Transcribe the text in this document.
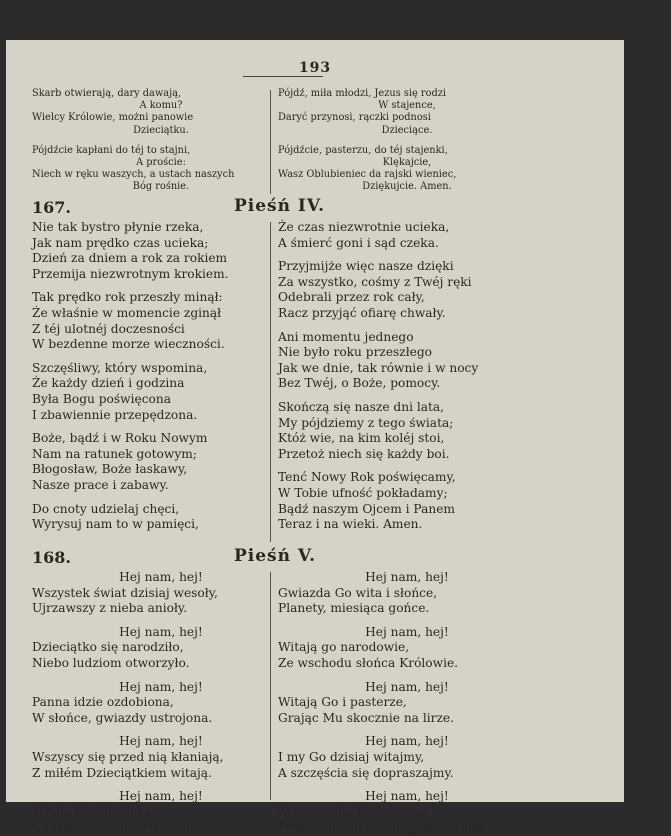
193
Skarb otwierają, dary dawają,
A komu?
Wielcy Królowie, możni panowie
Dzieciątku.
Pójdźcie kapłani do téj to stajni,
A proście:
Niech w ręku waszych, a ustach naszych
Bóg rośnie.
Pójdź, miła młodzi, Jezus się rodzi
W stajence,
Daryć przynosi, rączki podnosi
Dzieciące.
Pójdźcie, pasterzu, do téj stajenki,
Klękajcie,
Wasz Oblubieniec da rajski wieniec,
Dziękujcie. Amen.
167.	Pieśń IV.
Nie tak bystro płynie rzeka,
Jak nam prędko czas ucieka;
Dzień za dniem a rok za rokiem
Przemija niezwrotnym krokiem.
Tak prędko rok przeszły minął:
Że właśnie w momencie zginął
Z téj ulotnéj doczesności
W bezdenne morze wieczności.
Szczęśliwy, który wspomina,
Że każdy dzień i godzina
Była Bogu poświęcona
I zbawiennie przepędzona.
Boże, bądź i w Roku Nowym
Nam na ratunek gotowym;
Błogosław, Boże łaskawy,
Nasze prace i zabawy.
Do cnoty udzielaj chęci,
Wyrysuj nam to w pamięci,
Że czas niezwrotnie ucieka,
A śmierć goni i sąd czeka.
Przyjmijże więc nasze dzięki
Za wszystko, cośmy z Twéj ręki
Odebrali przez rok cały,
Racz przyjąć ofiarę chwały.
Ani momentu jednego
Nie było roku przeszłego
Jak we dnie, tak równie i w nocy
Bez Twéj, o Boże, pomocy.
Skończą się nasze dni lata,
My pójdziemy z tego świata;
Któż wie, na kim koléj stoi,
Przetoż niech się każdy boi.
Tenć Nowy Rok poświęcamy,
W Tobie ufność pokładamy;
Bądź naszym Ojcem i Panem
Teraz i na wieki. Amen.
168.	Pieśń V.
Hej nam, hej!
Wszystek świat dzisiaj wesoły,
Ujrzawszy z nieba anioły.
Hej nam, hej!
Dzieciątko się narodziło,
Niebo ludziom otworzyło.
Hej nam, hej!
Panna idzie ozdobiona,
W słońce, gwiazdy ustrojona.
Hej nam, hej!
Wszyscy się przed nią kłaniają,
Z miłém Dzieciątkiem witają.
Hej nam, hej!
Witają Go i bydlęta,
Chociaż to nieme zwierzęta.
Hej nam, hej!
Gwiazda Go wita i słońce,
Planety, miesiąca gońce.
Hej nam, hej!
Witają go narodowie,
Ze wschodu słońca Królowie.
Hej nam, hej!
Witają Go i pasterze,
Grając Mu skocznie na lirze.
Hej nam, hej!
I my Go dzisiaj witajmy,
A szczęścia się dopraszajmy.
Hej nam, hej!
Życząc roku fortunnego,
Prośmy jeden dla drugiego. Amen.
